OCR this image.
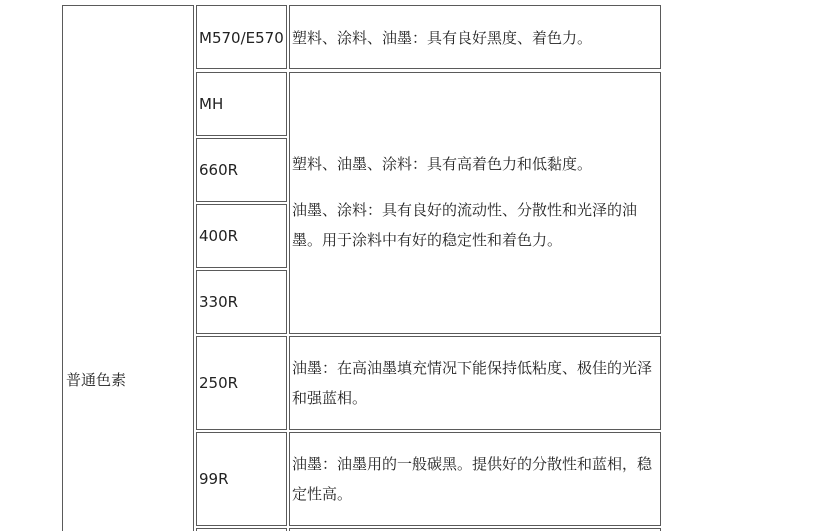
普通色素
M570/E570
MH
660R
400R
330R
250R
99R
塑料、涂料、油墨：具有良好黑度、着色力。
塑料、油墨、涂料：具有高着色力和低黏度。
油墨、涂料：具有良好的流动性、分散性和光泽的油墨。用于涂料中有好的稳定性和着色力。
油墨：在高油墨填充情况下能保持低粘度、极佳的光泽和强蓝相。
油墨：油墨用的一般碳黑。提供好的分散性和蓝相，稳定性高。
